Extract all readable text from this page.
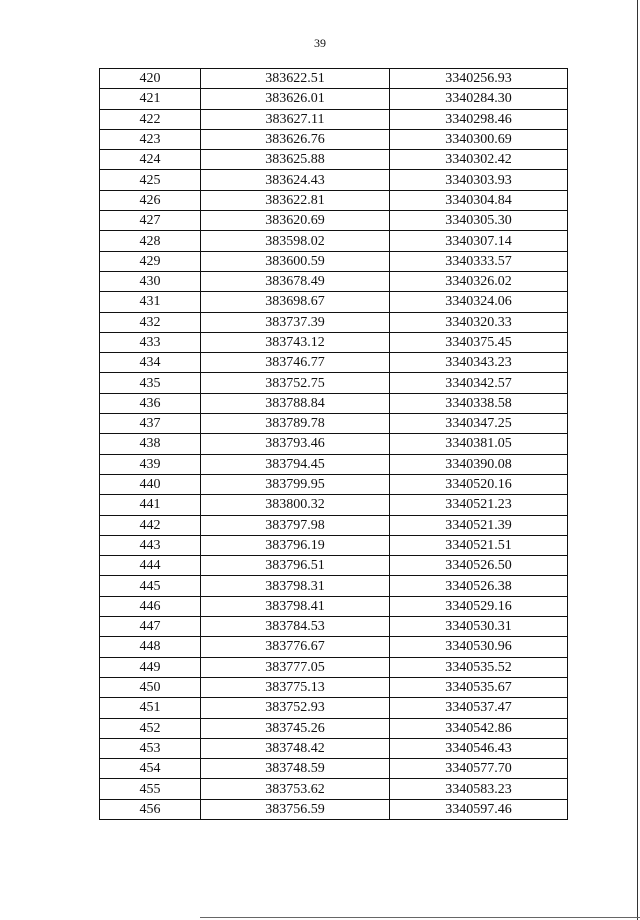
39
420	383622.51	3340256.93
421	383626.01	3340284.30
422	383627.11	3340298.46
423	383626.76	3340300.69
424	383625.88	3340302.42
425	383624.43	3340303.93
426	383622.81	3340304.84
427	383620.69	3340305.30
428	383598.02	3340307.14
429	383600.59	3340333.57
430	383678.49	3340326.02
431	383698.67	3340324.06
432	383737.39	3340320.33
433	383743.12	3340375.45
434	383746.77	3340343.23
435	383752.75	3340342.57
436	383788.84	3340338.58
437	383789.78	3340347.25
438	383793.46	3340381.05
439	383794.45	3340390.08
440	383799.95	3340520.16
441	383800.32	3340521.23
442	383797.98	3340521.39
443	383796.19	3340521.51
444	383796.51	3340526.50
445	383798.31	3340526.38
446	383798.41	3340529.16
447	383784.53	3340530.31
448	383776.67	3340530.96
449	383777.05	3340535.52
450	383775.13	3340535.67
451	383752.93	3340537.47
452	383745.26	3340542.86
453	383748.42	3340546.43
454	383748.59	3340577.70
455	383753.62	3340583.23
456	383756.59	3340597.46
